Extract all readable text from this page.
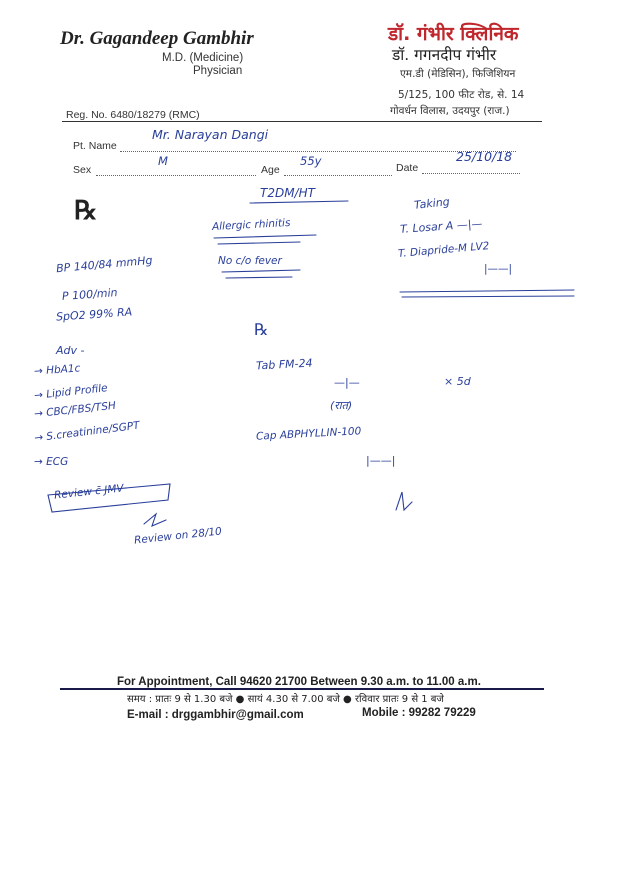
Dr. Gagandeep Gambhir
M.D. (Medicine)
Physician
डॉ. गंभीर क्लिनिक
डॉ. गगनदीप गंभीर
एम.डी (मेडिसिन), फिजिशियन
5/125, 100 फीट रोड, से. 14
गोवर्धन विलास, उदयपुर (राज.)
Reg. No. 6480/18279 (RMC)
Pt. Name
Mr. Narayan Dangi
Sex
M
Age
55y	Date
25/10/18
℞
T2DM/HT
Allergic rhinitis
No c/o fever
BP 140/84 mmHg
P 100/min
SpO2 99% RA
Taking
T. Losar A —|—
T. Diapride-M LV2
|——|
Adv -
→ HbA1c
→ Lipid Profile
→ CBC/FBS/TSH
→ S.creatinine/SGPT
→ ECG
Review c̄ JMV
Review on 28/10
℞
Tab FM-24
—|—	× 5d
(रात)
Cap ABPHYLLIN-100
|——|
For Appointment, Call 94620 21700 Between 9.30 a.m. to 11.00 a.m.
समय : प्रातः 9 से 1.30 बजे ● सायं 4.30 से 7.00 बजे ● रविवार प्रातः 9 से 1 बजे
E-mail : drggambhir@gmail.com	Mobile : 99282 79229
